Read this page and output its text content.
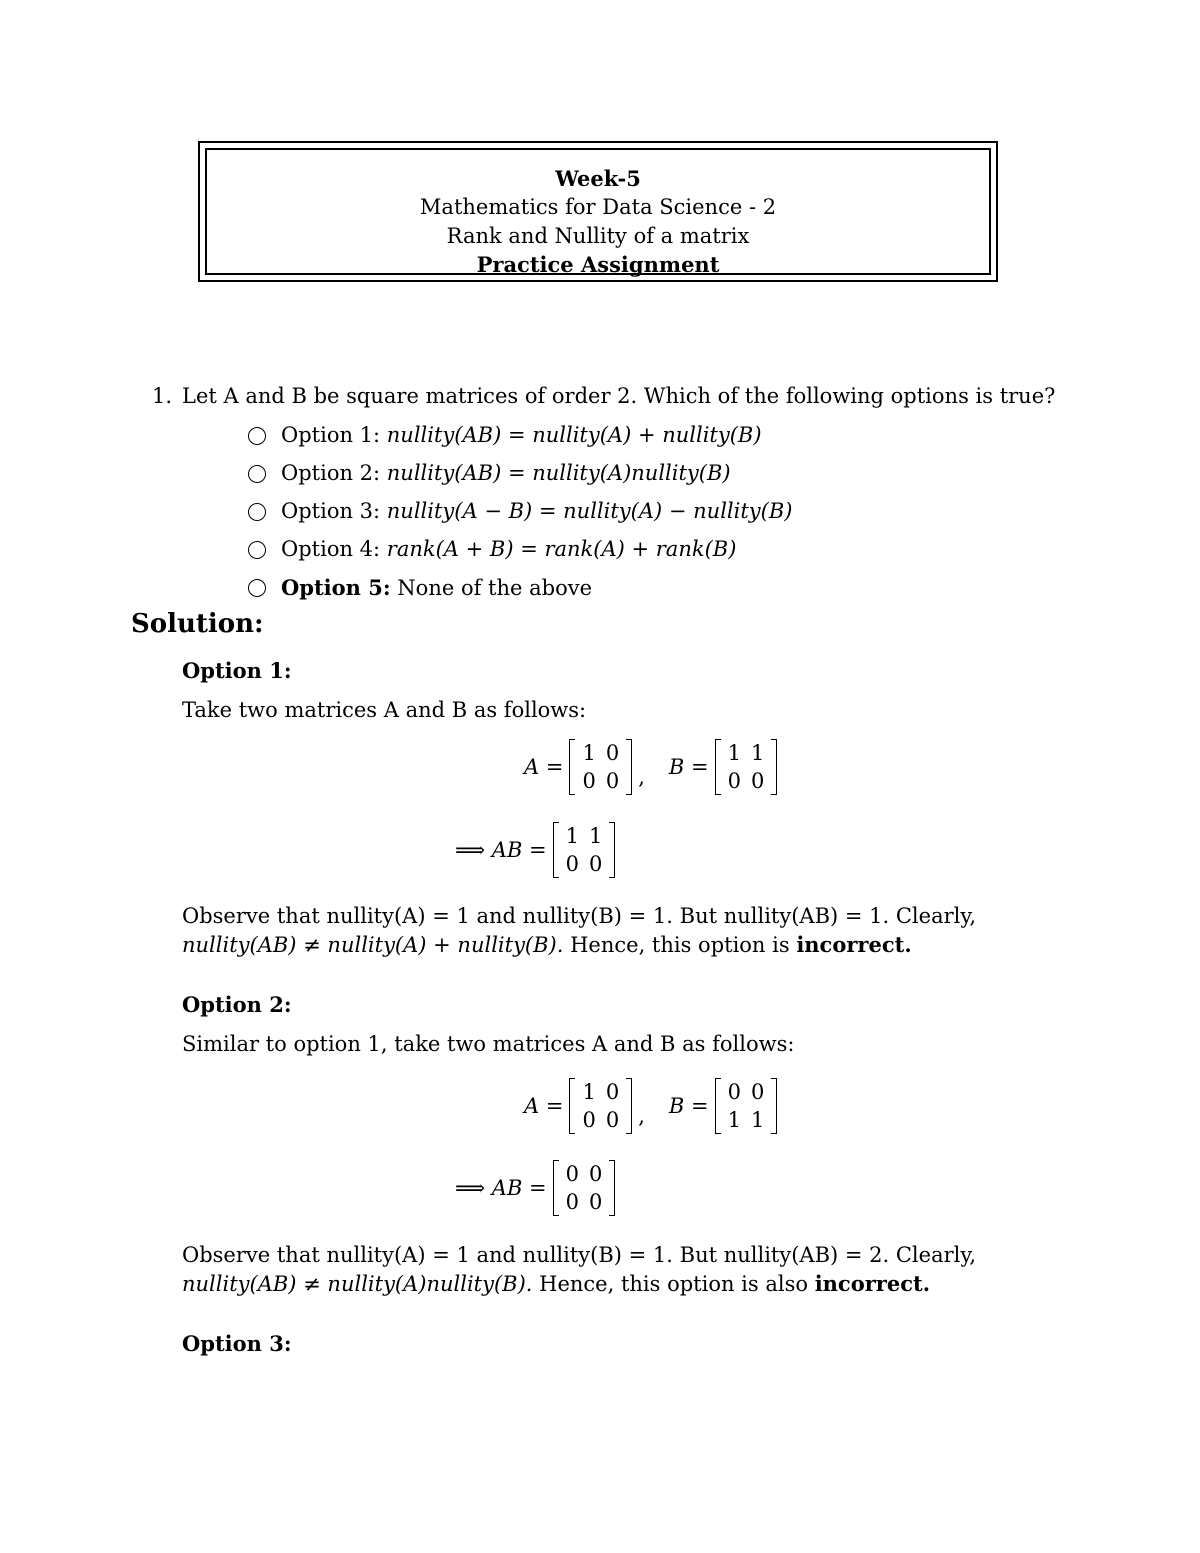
Week-5
Mathematics for Data Science - 2
Rank and Nullity of a matrix
Practice Assignment
1. Let A and B be square matrices of order 2. Which of the following options is true?
Option 1: nullity(AB) = nullity(A) + nullity(B)
Option 2: nullity(AB) = nullity(A)nullity(B)
Option 3: nullity(A − B) = nullity(A) − nullity(B)
Option 4: rank(A + B) = rank(A) + rank(B)
Option 5: None of the above
Solution:
Option 1:
Take two matrices A and B as follows:
A =
1	0
0	0 , B =
1	1
0	0
⟹ AB =
1	1
0	0
Observe that nullity(A) = 1 and nullity(B) = 1. But nullity(AB) = 1. Clearly,
nullity(AB) ≠ nullity(A) + nullity(B). Hence, this option is incorrect.
Option 2:
Similar to option 1, take two matrices A and B as follows:
A =
1	0
0	0 , B =
0	0
1	1
⟹ AB =
0	0
0	0
Observe that nullity(A) = 1 and nullity(B) = 1. But nullity(AB) = 2. Clearly,
nullity(AB) ≠ nullity(A)nullity(B). Hence, this option is also incorrect.
Option 3:
